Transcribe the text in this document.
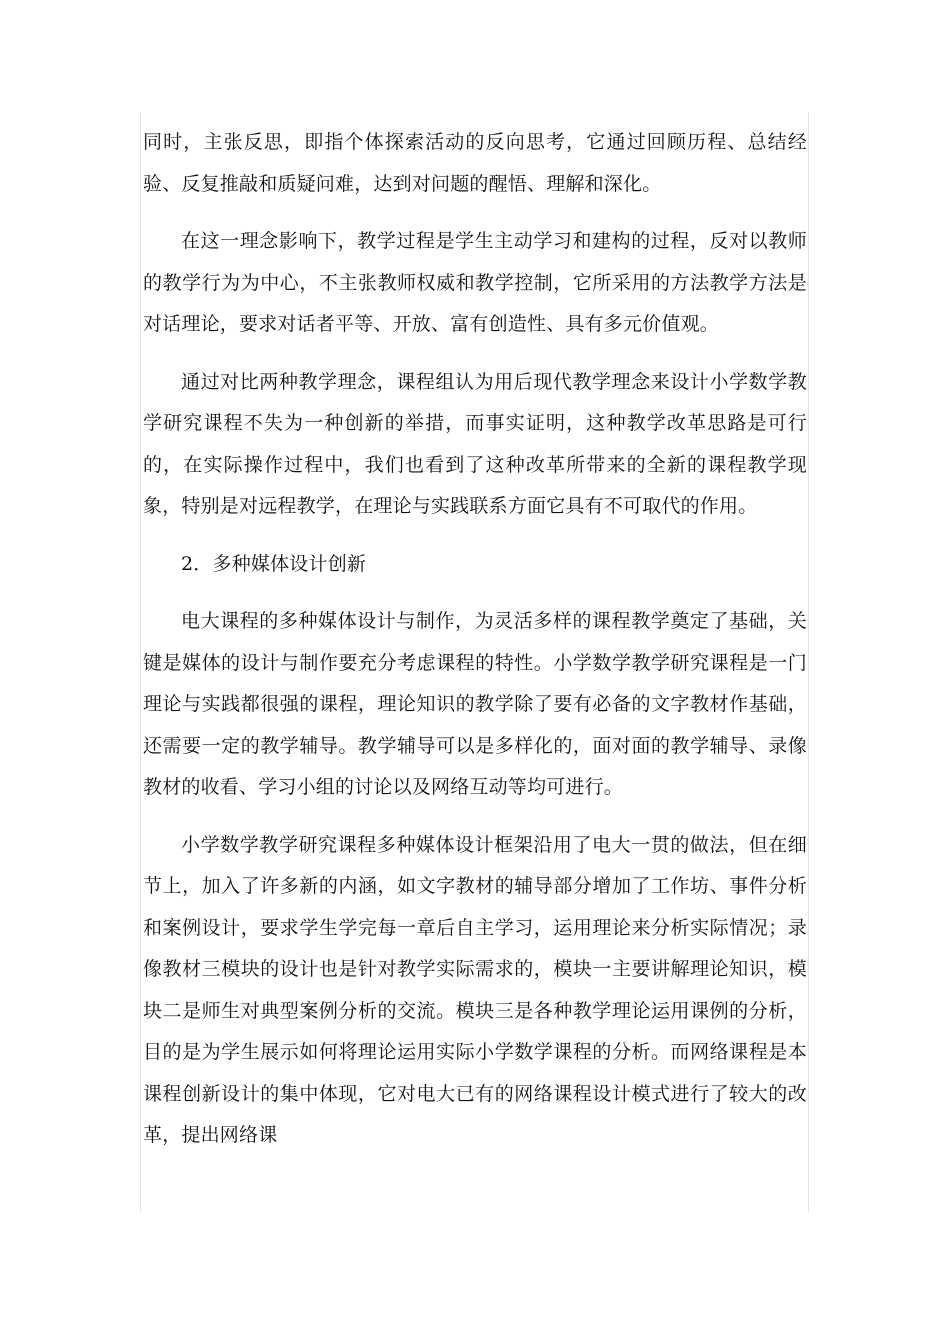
同时，主张反思，即指个体探索活动的反向思考，它通过回顾历程、总结经验、反复推敲和质疑问难，达到对问题的醒悟、理解和深化。

在这一理念影响下，教学过程是学生主动学习和建构的过程，反对以教师的教学行为为中心，不主张教师权威和教学控制，它所采用的方法教学方法是对话理论，要求对话者平等、开放、富有创造性、具有多元价值观。

通过对比两种教学理念，课程组认为用后现代教学理念来设计小学数学教学研究课程不失为一种创新的举措，而事实证明，这种教学改革思路是可行的，在实际操作过程中，我们也看到了这种改革所带来的全新的课程教学现象，特别是对远程教学，在理论与实践联系方面它具有不可取代的作用。

2．多种媒体设计创新

电大课程的多种媒体设计与制作，为灵活多样的课程教学奠定了基础，关键是媒体的设计与制作要充分考虑课程的特性。小学数学教学研究课程是一门理论与实践都很强的课程，理论知识的教学除了要有必备的文字教材作基础，还需要一定的教学辅导。教学辅导可以是多样化的，面对面的教学辅导、录像教材的收看、学习小组的讨论以及网络互动等均可进行。

小学数学教学研究课程多种媒体设计框架沿用了电大一贯的做法，但在细节上，加入了许多新的内涵，如文字教材的辅导部分增加了工作坊、事件分析和案例设计，要求学生学完每一章后自主学习，运用理论来分析实际情况；录像教材三模块的设计也是针对教学实际需求的，模块一主要讲解理论知识，模块二是师生对典型案例分析的交流。模块三是各种教学理论运用课例的分析，目的是为学生展示如何将理论运用实际小学数学课程的分析。而网络课程是本课程创新设计的集中体现，它对电大已有的网络课程设计模式进行了较大的改革，提出网络课
